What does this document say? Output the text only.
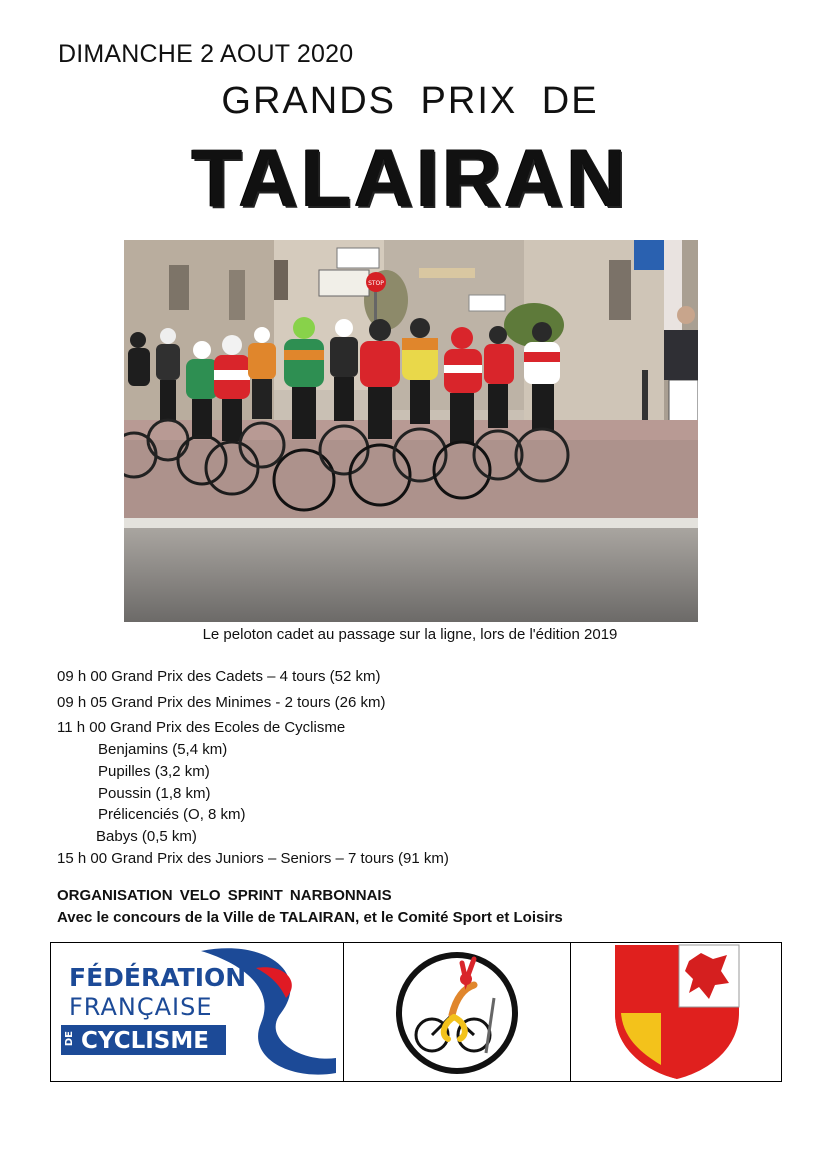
DIMANCHE 2 AOUT 2020
GRANDS PRIX DE
TALAIRAN
STOP
Le peloton cadet au passage sur la ligne, lors de l'édition 2019
09 h 00 Grand Prix des Cadets – 4 tours (52 km)
09 h 05 Grand Prix des Minimes - 2 tours (26 km)
11 h 00 Grand Prix des Ecoles de Cyclisme
Benjamins (5,4 km)
Pupilles (3,2 km)
Poussin (1,8 km)
Prélicenciés (O, 8 km)
Babys (0,5 km)
15 h 00 Grand Prix des Juniors – Seniors – 7 tours (91 km)
ORGANISATION VELO SPRINT NARBONNAIS
Avec le concours de la Ville de TALAIRAN, et le Comité Sport et Loisirs
FÉDÉRATION
FRANÇAISE
DE CYCLISME
